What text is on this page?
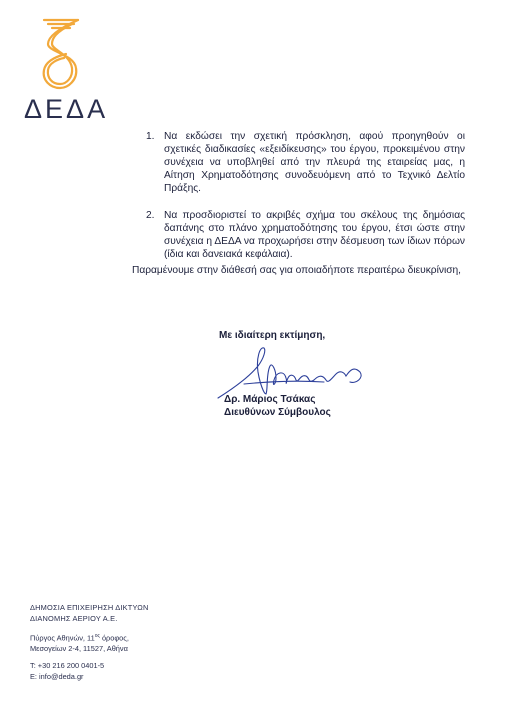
ΔΕΔΑ
1. Να εκδώσει την σχετική πρόσκληση, αφού προηγηθούν οι σχετικές διαδικασίες «εξειδίκευσης» του έργου, προκειμένου στην συνέχεια να υποβληθεί από την πλευρά της εταιρείας μας, η Αίτηση Χρηματοδότησης συνοδευόμενη από το Τεχνικό Δελτίο Πράξης.
2. Να προσδιοριστεί το ακριβές σχήμα του σκέλους της δημόσιας δαπάνης στο πλάνο χρηματοδότησης του έργου, έτσι ώστε στην συνέχεια η ΔΕΔΑ να προχωρήσει στην δέσμευση των ίδιων πόρων (ίδια και δανειακά κεφάλαια).
Παραμένουμε στην διάθεσή σας για οποιαδήποτε περαιτέρω διευκρίνιση,
Με ιδιαίτερη εκτίμηση,
Δρ. Μάριος Τσάκας
Διευθύνων Σύμβουλος
ΔΗΜΟΣΙΑ ΕΠΙΧΕΙΡΗΣΗ ΔΙΚΤΥΩΝ
ΔΙΑΝΟΜΗΣ ΑΕΡΙΟΥ Α.Ε.
Πύργος Αθηνών, $11^{o\varsigma}$ όροφος,
Μεσογείων 2-4, 11527, Αθήνα
T: +30 216 200 0401-5
E: info@deda.gr
